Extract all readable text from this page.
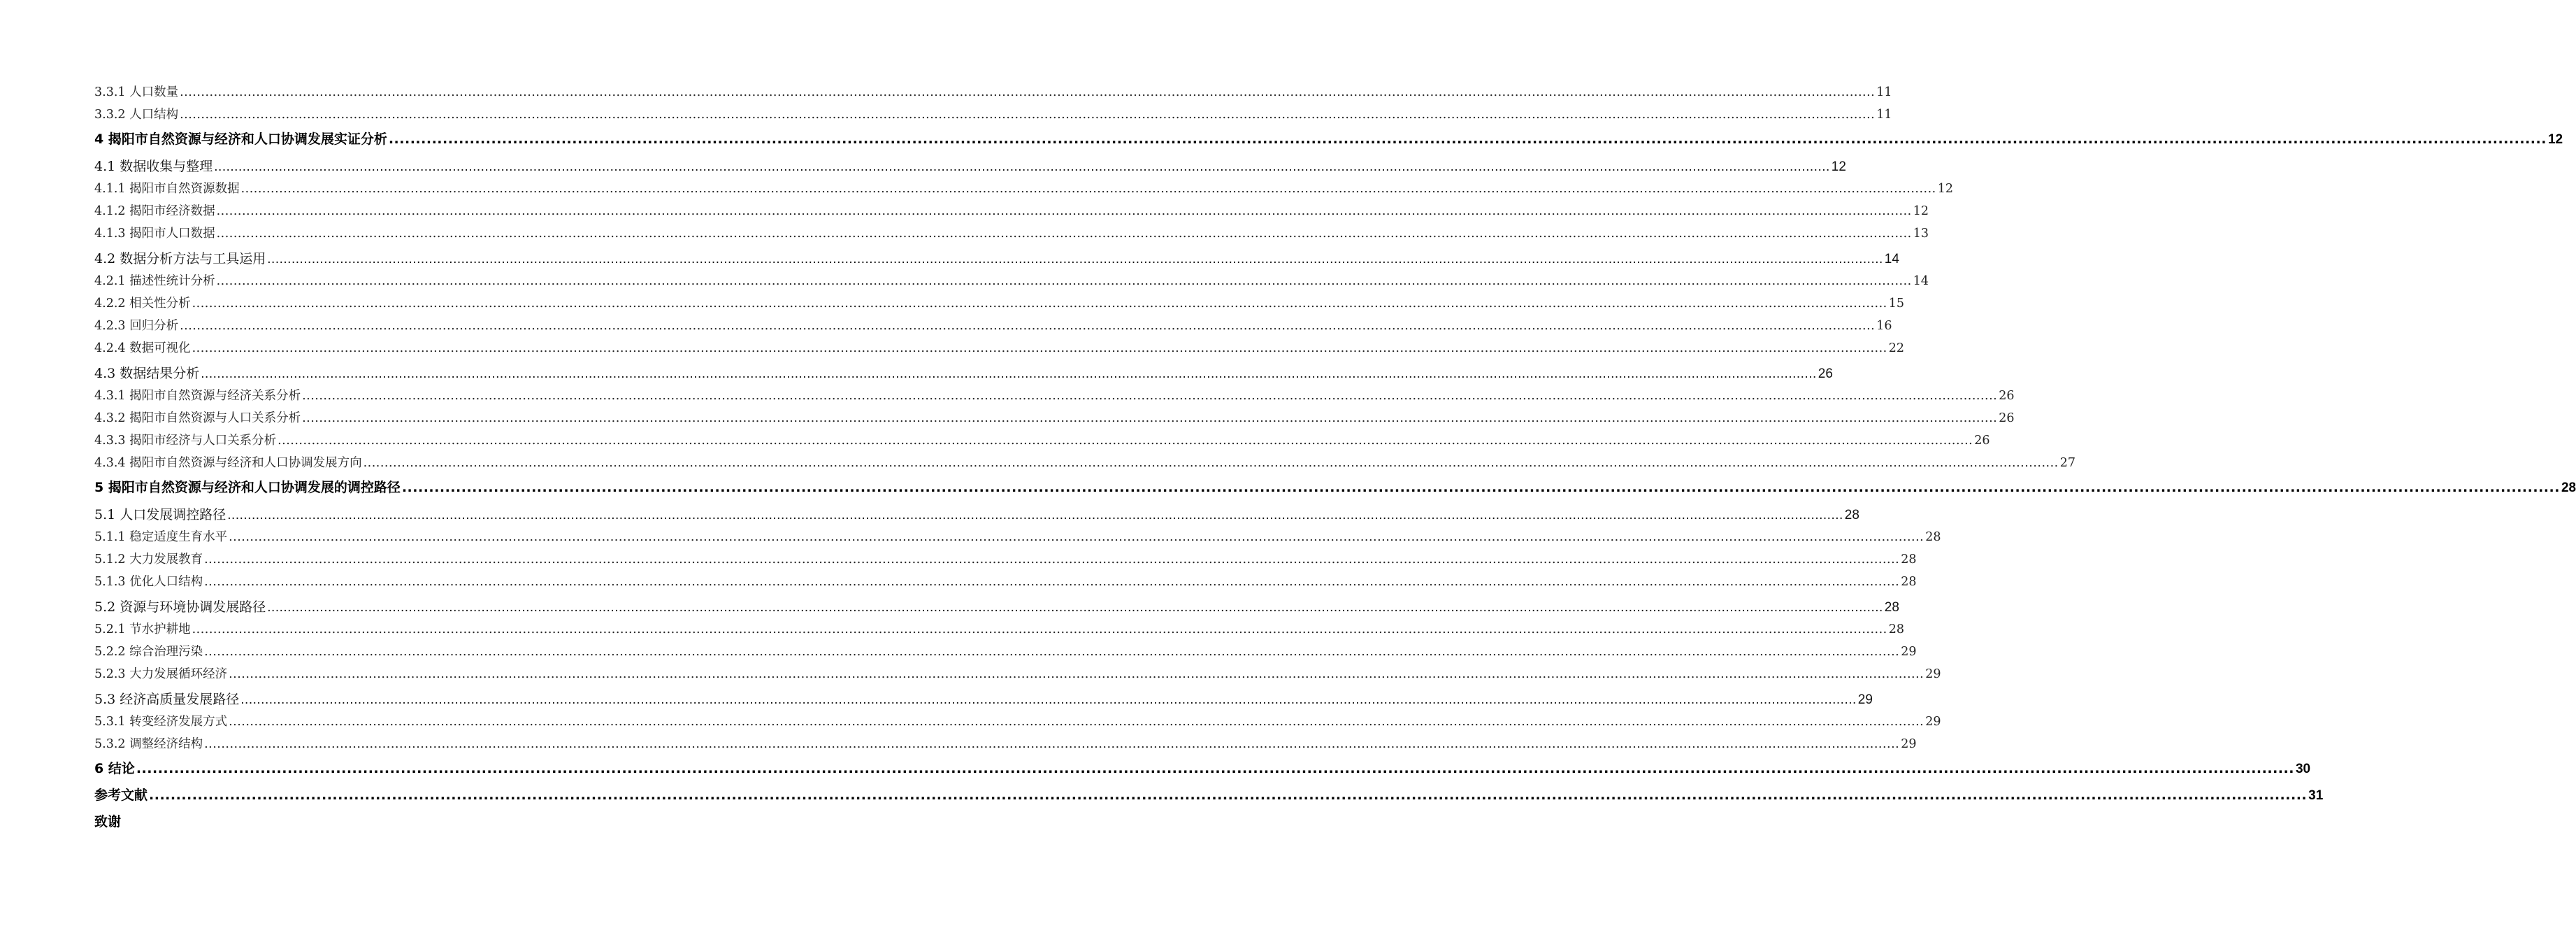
3.3.1 人口数量 ................................................................................................................................................................................................................................................................................................................................................................................................................ 11
3.3.2 人口结构 ................................................................................................................................................................................................................................................................................................................................................................................................................ 11
4 揭阳市自然资源与经济和人口协调发展实证分析 ................................................................................................................................................................................................................................................................................................................................................................................................................ 12
4.1 数据收集与整理 ................................................................................................................................................................................................................................................................................................................................................................................................................ 12
4.1.1 揭阳市自然资源数据 ................................................................................................................................................................................................................................................................................................................................................................................................................ 12
4.1.2 揭阳市经济数据 ................................................................................................................................................................................................................................................................................................................................................................................................................ 12
4.1.3 揭阳市人口数据 ................................................................................................................................................................................................................................................................................................................................................................................................................ 13
4.2 数据分析方法与工具运用 ................................................................................................................................................................................................................................................................................................................................................................................................................ 14
4.2.1 描述性统计分析 ................................................................................................................................................................................................................................................................................................................................................................................................................ 14
4.2.2 相关性分析 ................................................................................................................................................................................................................................................................................................................................................................................................................ 15
4.2.3 回归分析 ................................................................................................................................................................................................................................................................................................................................................................................................................ 16
4.2.4 数据可视化 ................................................................................................................................................................................................................................................................................................................................................................................................................ 22
4.3 数据结果分析 ................................................................................................................................................................................................................................................................................................................................................................................................................ 26
4.3.1 揭阳市自然资源与经济关系分析 ................................................................................................................................................................................................................................................................................................................................................................................................................ 26
4.3.2 揭阳市自然资源与人口关系分析 ................................................................................................................................................................................................................................................................................................................................................................................................................ 26
4.3.3 揭阳市经济与人口关系分析 ................................................................................................................................................................................................................................................................................................................................................................................................................ 26
4.3.4 揭阳市自然资源与经济和人口协调发展方向 ................................................................................................................................................................................................................................................................................................................................................................................................................ 27
5 揭阳市自然资源与经济和人口协调发展的调控路径 ................................................................................................................................................................................................................................................................................................................................................................................................................ 28
5.1 人口发展调控路径 ................................................................................................................................................................................................................................................................................................................................................................................................................ 28
5.1.1 稳定适度生育水平 ................................................................................................................................................................................................................................................................................................................................................................................................................ 28
5.1.2 大力发展教育 ................................................................................................................................................................................................................................................................................................................................................................................................................ 28
5.1.3 优化人口结构 ................................................................................................................................................................................................................................................................................................................................................................................................................ 28
5.2 资源与环境协调发展路径 ................................................................................................................................................................................................................................................................................................................................................................................................................ 28
5.2.1 节水护耕地 ................................................................................................................................................................................................................................................................................................................................................................................................................ 28
5.2.2 综合治理污染 ................................................................................................................................................................................................................................................................................................................................................................................................................ 29
5.2.3 大力发展循环经济 ................................................................................................................................................................................................................................................................................................................................................................................................................ 29
5.3 经济高质量发展路径 ................................................................................................................................................................................................................................................................................................................................................................................................................ 29
5.3.1 转变经济发展方式 ................................................................................................................................................................................................................................................................................................................................................................................................................ 29
5.3.2 调整经济结构 ................................................................................................................................................................................................................................................................................................................................................................................................................ 29
6 结论 ................................................................................................................................................................................................................................................................................................................................................................................................................ 30
参考文献 ................................................................................................................................................................................................................................................................................................................................................................................................................ 31
致谢
